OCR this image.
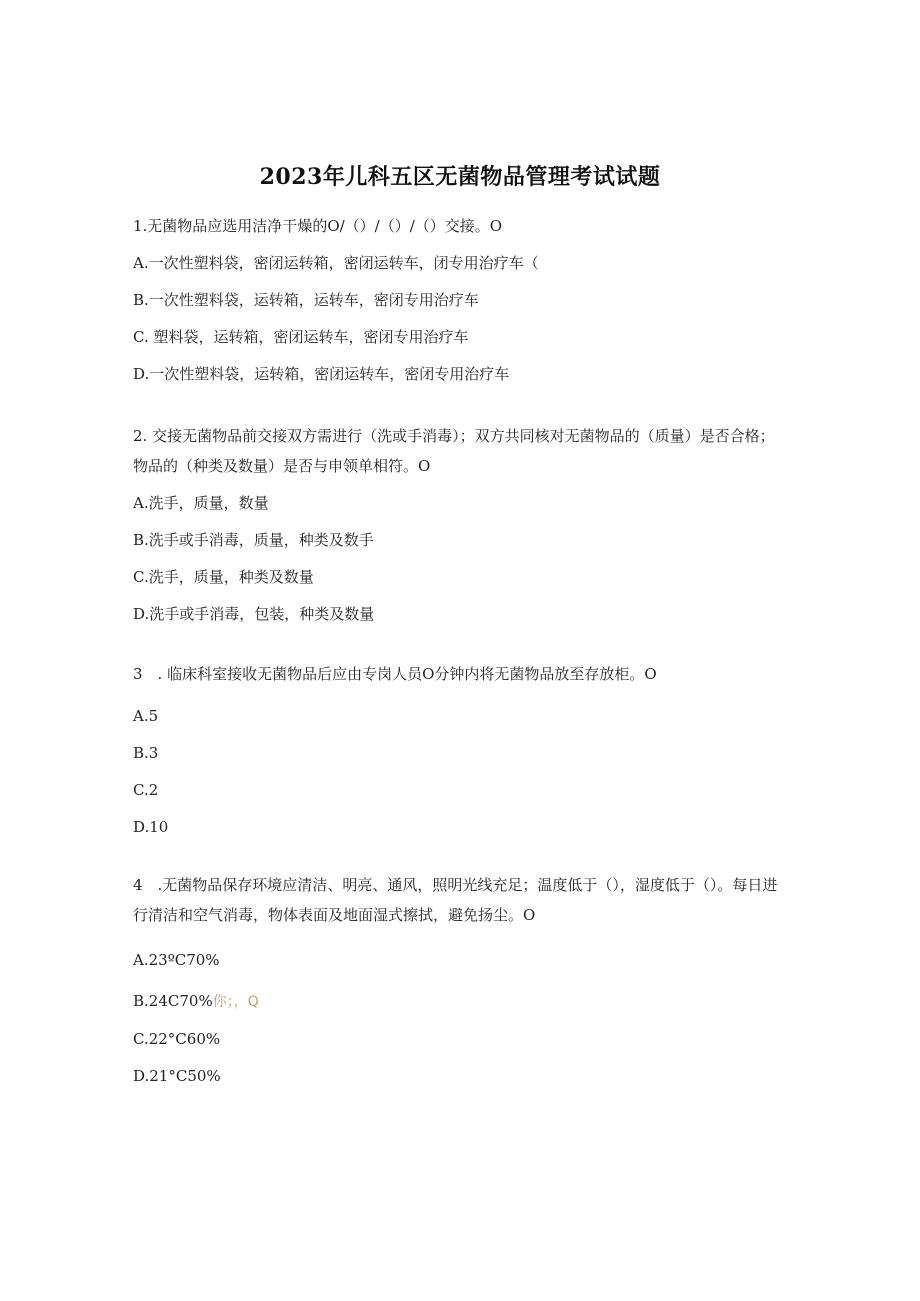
2023年儿科五区无菌物品管理考试试题
1.无菌物品应选用洁净干燥的O/（）/（）/（）交接。O
A.一次性塑料袋，密闭运转箱，密闭运转车，闭专用治疗车（
B.一次性塑料袋，运转箱，运转车，密闭专用治疗车
C. 塑料袋，运转箱，密闭运转车，密闭专用治疗车
D.一次性塑料袋，运转箱，密闭运转车，密闭专用治疗车
2. 交接无菌物品前交接双方需进行（洗或手消毒）；双方共同核对无菌物品的（质量）是否合格；物品的（种类及数量）是否与申领单相符。O
A.洗手，质量，数量
B.洗手或手消毒，质量，种类及数手
C.洗手，质量，种类及数量
D.洗手或手消毒，包装，种类及数量
3　. 临床科室接收无菌物品后应由专岗人员O分钟内将无菌物品放至存放柜。O
A.5
B.3
C.2
D.10
4　.无菌物品保存环境应清洁、明亮、通风，照明光线充足；温度低于（），湿度低于（）。每日进行清洁和空气消毒，物体表面及地面湿式擦拭，避免扬尘。O
A.23ºC70%
B.24C70%你；，Q
C.22°C60%
D.21°C50%
